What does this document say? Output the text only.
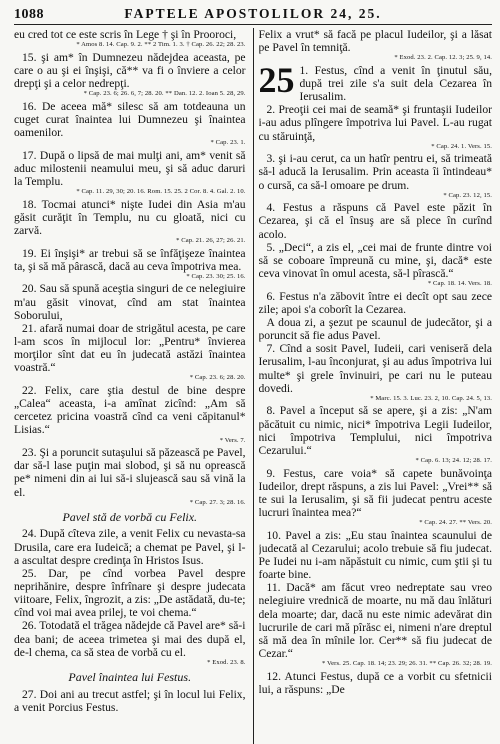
1088	FAPTELE APOSTOLILOR 24, 25.

eu cred tot ce este scris în Lege † şi în Prooroci,

* Amos 8. 14. Cap. 9. 2. ** 2 Tim. 1. 3. † Cap. 26. 22; 28. 23.

15. şi am* în Dumnezeu nădejdea aceasta, pe care o au şi ei înşişi, că** va fi o înviere a celor drepţi şi a celor nedrepţi.

* Cap. 23. 6; 26. 6, 7; 28. 20. ** Dan. 12. 2. Ioan 5. 28, 29.

16. De aceea mă* silesc să am totdeauna un cuget curat înaintea lui Dumnezeu şi înaintea oamenilor.

* Cap. 23. 1.

17. După o lipsă de mai mulţi ani, am* venit să aduc milostenii neamului meu, şi să aduc daruri la Templu.

* Cap. 11. 29, 30; 20. 16. Rom. 15. 25. 2 Cor. 8. 4. Gal. 2. 10.

18. Tocmai atunci* nişte Iudei din Asia m'au găsit curăţit în Templu, nu cu gloată, nici cu zarvă.

* Cap. 21. 26, 27; 26. 21.

19. Ei înşişi* ar trebui să se înfăţişeze înaintea ta, şi să mă pârască, dacă au ceva împotriva mea.

* Cap. 23. 30; 25. 16.

20. Sau să spună aceştia singuri de ce nelegiuire m'au găsit vinovat, cînd am stat înaintea Soborului,

21. afară numai doar de strigătul acesta, pe care l-am scos în mijlocul lor: „Pentru* învierea morţilor sînt dat eu în judecată astăzi înaintea voastră.“

* Cap. 23. 6; 28. 20.

22. Felix, care ştia destul de bine despre „Calea“ aceasta, i-a amînat zicînd: „Am să cercetez pricina voastră cînd ca veni căpitanul* Lisias.“

* Vers. 7.

23. Şi a poruncit sutaşului să păzească pe Pavel, dar să-l lase puţin mai slobod, şi să nu oprească pe* nimeni din ai lui să-i slujească sau să vină la el.

* Cap. 27. 3; 28. 16.

Pavel stă de vorbă cu Felix.

24. După cîteva zile, a venit Felix cu nevasta-sa Drusila, care era Iudeică; a chemat pe Pavel, şi l-a ascultat despre credinţa în Hristos Isus.

25. Dar, pe cînd vorbea Pavel despre neprihănire, despre înfrînare şi despre judecata viitoare, Felix, îngrozit, a zis: „De astădată, du-te; cînd voi mai avea prilej, te voi chema.“

26. Totodată el trăgea nădejde că Pavel are* să-i dea bani; de aceea trimetea şi mai des după el, de-l chema, ca să stea de vorbă cu el.

* Exod. 23. 8.

Pavel înaintea lui Festus.

27. Doi ani au trecut astfel; şi în locul lui Felix, a venit Porcius Festus.

Felix a vrut* să facă pe placul Iudeilor, şi a lăsat pe Pavel în temniţă.

* Exod. 23. 2. Cap. 12. 3; 25. 9, 14.

25 1. Festus, cînd a venit în ţinutul său, după trei zile s'a suit dela Cezarea în Ierusalim.

2. Preoţii cei mai de seamă* şi fruntaşii Iudeilor i-au adus plîngere împotriva lui Pavel. L-au rugat cu stăruinţă,

* Cap. 24. 1. Vers. 15.

3. şi i-au cerut, ca un hatîr pentru ei, să trimeată să-l aducă la Ierusalim. Prin aceasta îi întindeau* o cursă, ca să-l omoare pe drum.

* Cap. 23. 12, 15.

4. Festus a răspuns că Pavel este păzit în Cezarea, şi că el însuş are să plece în curînd acolo.

5. „Deci“, a zis el, „cei mai de frunte dintre voi să se coboare împreună cu mine, şi, dacă* este ceva vinovat în omul acesta, să-l pîrască.“

* Cap. 18. 14. Vers. 18.

6. Festus n'a zăbovit între ei decît opt sau zece zile; apoi s'a coborît la Cezarea.

A doua zi, a şezut pe scaunul de judecător, şi a poruncit să fie adus Pavel.

7. Cînd a sosit Pavel, Iudeii, cari veniseră dela Ierusalim, l-au înconjurat, şi au adus împotriva lui multe* şi grele învinuiri, pe cari nu le puteau dovedi.

* Marc. 15. 3. Luc. 23. 2, 10. Cap. 24. 5, 13.

8. Pavel a început să se apere, şi a zis: „N'am păcătuit cu nimic, nici* împotriva Legii Iudeilor, nici împotriva Templului, nici împotriva Cezarului.“

* Cap. 6. 13; 24. 12; 28. 17.

9. Festus, care voia* să capete bunăvoinţa Iudeilor, drept răspuns, a zis lui Pavel: „Vrei** să te sui la Ierusalim, şi să fii judecat pentru aceste lucruri înaintea mea?“

* Cap. 24. 27. ** Vers. 20.

10. Pavel a zis: „Eu stau înaintea scaunului de judecată al Cezarului; acolo trebuie să fiu judecat. Pe Iudei nu i-am năpăstuit cu nimic, cum ştii şi tu foarte bine.

11. Dacă* am făcut vreo nedreptate sau vreo nelegiuire vrednică de moarte, nu mă dau înlături dela moarte; dar, dacă nu este nimic adevărat din lucrurile de cari mă pîrăsc ei, nimeni n'are dreptul să mă dea în mînile lor. Cer** să fiu judecat de Cezar.“

* Vers. 25. Cap. 18. 14; 23. 29; 26. 31. ** Cap. 26. 32; 28. 19.

12. Atunci Festus, după ce a vorbit cu sfetnicii lui, a răspuns: „De
